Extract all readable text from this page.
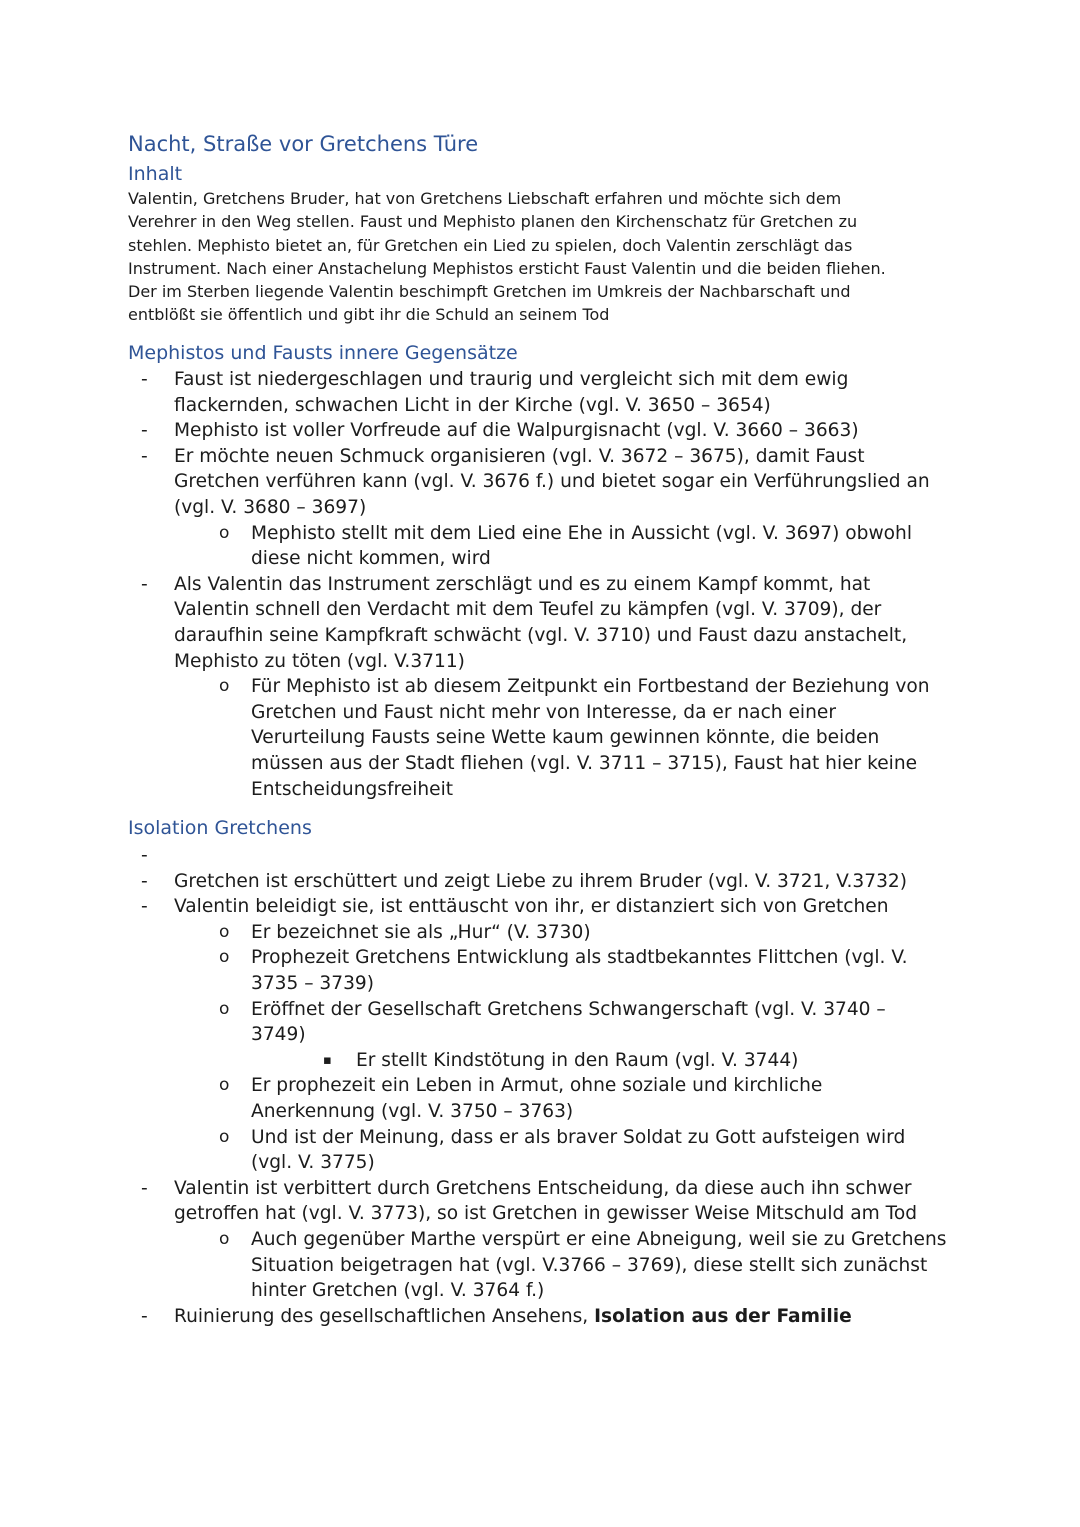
Nacht, Straße vor Gretchens Türe
Inhalt

Valentin, Gretchens Bruder, hat von Gretchens Liebschaft erfahren und möchte sich dem
Verehrer in den Weg stellen. Faust und Mephisto planen den Kirchenschatz für Gretchen zu
stehlen. Mephisto bietet an, für Gretchen ein Lied zu spielen, doch Valentin zerschlägt das
Instrument. Nach einer Anstachelung Mephistos ersticht Faust Valentin und die beiden fliehen.
Der im Sterben liegende Valentin beschimpft Gretchen im Umkreis der Nachbarschaft und
entblößt sie öffentlich und gibt ihr die Schuld an seinem Tod

Mephistos und Fausts innere Gegensätze
- Faust ist niedergeschlagen und traurig und vergleicht sich mit dem ewig
flackernden, schwachen Licht in der Kirche (vgl. V. 3650 – 3654)
- Mephisto ist voller Vorfreude auf die Walpurgisnacht (vgl. V. 3660 – 3663)
- Er möchte neuen Schmuck organisieren (vgl. V. 3672 – 3675), damit Faust
Gretchen verführen kann (vgl. V. 3676 f.) und bietet sogar ein Verführungslied an
(vgl. V. 3680 – 3697)
o Mephisto stellt mit dem Lied eine Ehe in Aussicht (vgl. V. 3697) obwohl
diese nicht kommen, wird
- Als Valentin das Instrument zerschlägt und es zu einem Kampf kommt, hat
Valentin schnell den Verdacht mit dem Teufel zu kämpfen (vgl. V. 3709), der
daraufhin seine Kampfkraft schwächt (vgl. V. 3710) und Faust dazu anstachelt,
Mephisto zu töten (vgl. V.3711)
o Für Mephisto ist ab diesem Zeitpunkt ein Fortbestand der Beziehung von
Gretchen und Faust nicht mehr von Interesse, da er nach einer
Verurteilung Fausts seine Wette kaum gewinnen könnte, die beiden
müssen aus der Stadt fliehen (vgl. V. 3711 – 3715), Faust hat hier keine
Entscheidungsfreiheit
Isolation Gretchens
-

- Gretchen ist erschüttert und zeigt Liebe zu ihrem Bruder (vgl. V. 3721, V.3732)
- Valentin beleidigt sie, ist enttäuscht von ihr, er distanziert sich von Gretchen
o Er bezeichnet sie als „Hur“ (V. 3730)
o Prophezeit Gretchens Entwicklung als stadtbekanntes Flittchen (vgl. V.
3735 – 3739)
o Eröffnet der Gesellschaft Gretchens Schwangerschaft (vgl. V. 3740 –
3749)
▪ Er stellt Kindstötung in den Raum (vgl. V. 3744)
o Er prophezeit ein Leben in Armut, ohne soziale und kirchliche
Anerkennung (vgl. V. 3750 – 3763)
o Und ist der Meinung, dass er als braver Soldat zu Gott aufsteigen wird
(vgl. V. 3775)
- Valentin ist verbittert durch Gretchens Entscheidung, da diese auch ihn schwer
getroffen hat (vgl. V. 3773), so ist Gretchen in gewisser Weise Mitschuld am Tod
o Auch gegenüber Marthe verspürt er eine Abneigung, weil sie zu Gretchens
Situation beigetragen hat (vgl. V.3766 – 3769), diese stellt sich zunächst
hinter Gretchen (vgl. V. 3764 f.)
- Ruinierung des gesellschaftlichen Ansehens, Isolation aus der Familie
